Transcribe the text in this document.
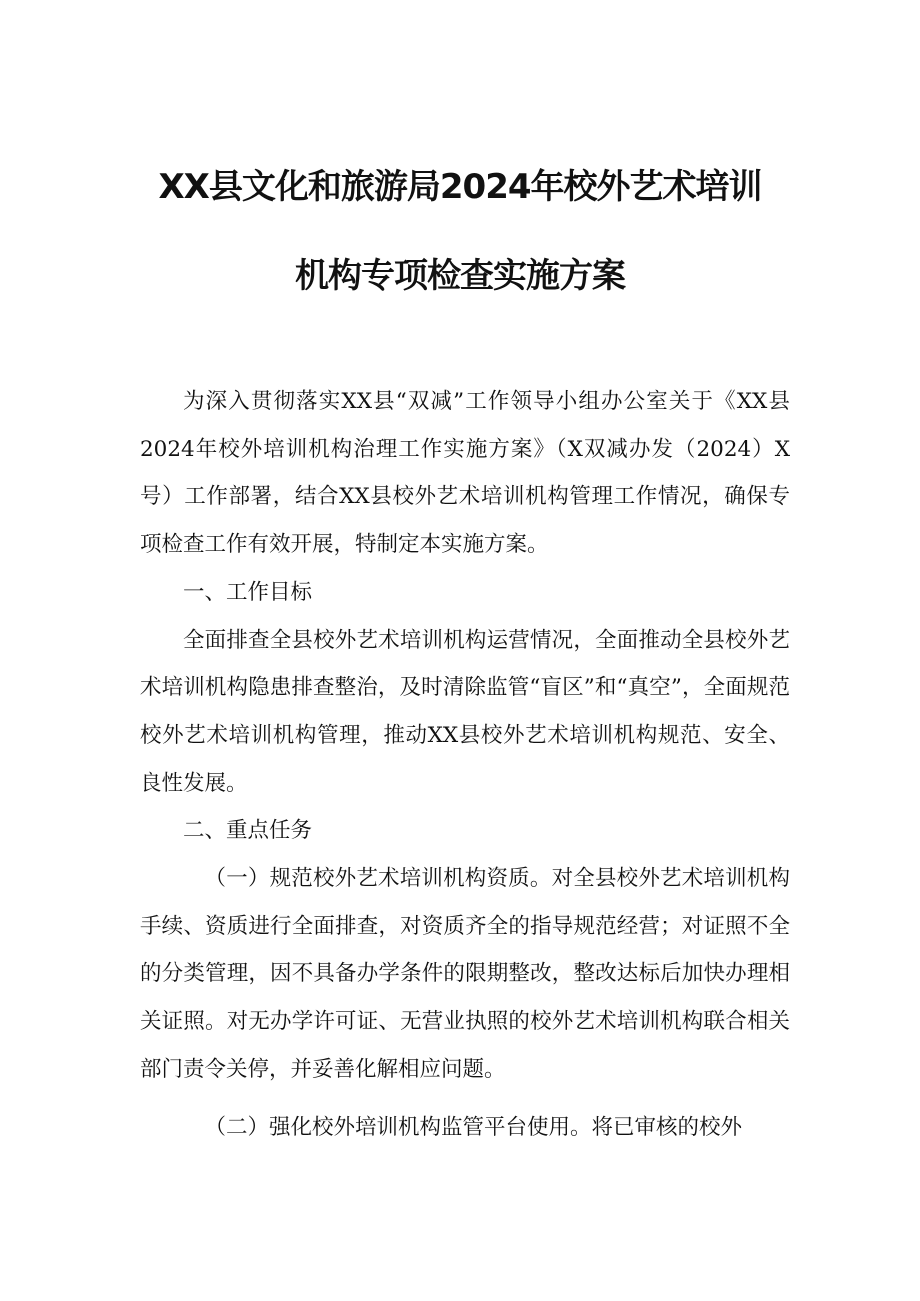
XX县文化和旅游局2024年校外艺术培训
机构专项检查实施方案

为深入贯彻落实XX县“双减”工作领导小组办公室关于《XX县2024年校外培训机构治理工作实施方案》（X双减办发（2024）X号）工作部署，结合XX县校外艺术培训机构管理工作情况，确保专项检查工作有效开展，特制定本实施方案。

一、工作目标

全面排查全县校外艺术培训机构运营情况，全面推动全县校外艺术培训机构隐患排查整治，及时清除监管“盲区”和“真空”，全面规范校外艺术培训机构管理，推动XX县校外艺术培训机构规范、安全、良性发展。

二、重点任务

（一）规范校外艺术培训机构资质。对全县校外艺术培训机构手续、资质进行全面排查，对资质齐全的指导规范经营；对证照不全的分类管理，因不具备办学条件的限期整改，整改达标后加快办理相关证照。对无办学许可证、无营业执照的校外艺术培训机构联合相关部门责令关停，并妥善化解相应问题。

（二）强化校外培训机构监管平台使用。将已审核的校外
